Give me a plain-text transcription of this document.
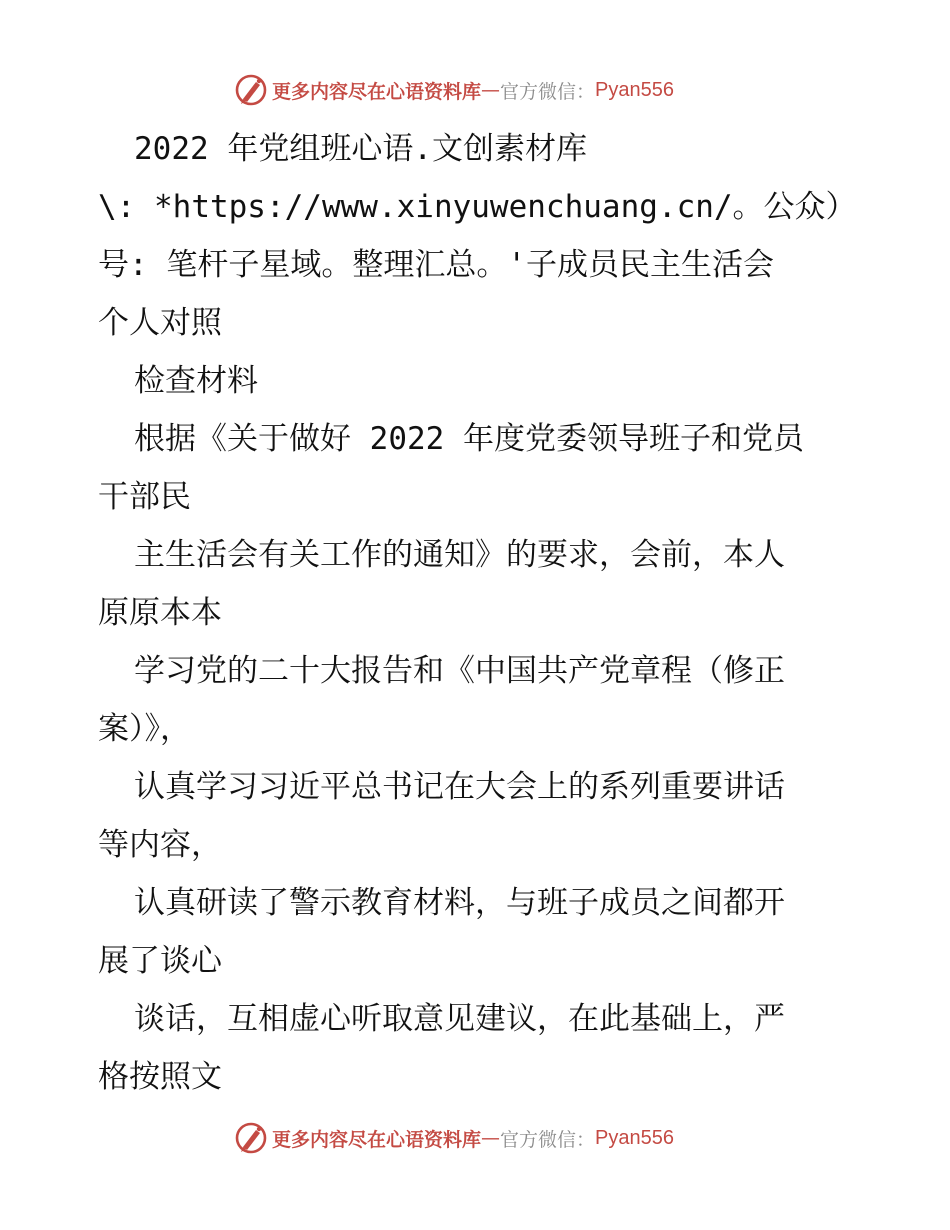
更多内容尽在心语资料库 — 官方微信： Pyan556
2022 年党组班心语.文创素材库
\: *https://www.xinyuwenchuang.cn/。公众）
号: 笔杆子星域。整理汇总。'子成员民主生活会
个人对照
检查材料
根据《关于做好 2022 年度党委领导班子和党员
干部民
主生活会有关工作的通知》的要求，会前，本人
原原本本
学习党的二十大报告和《中国共产党章程（修正
案）》，
认真学习习近平总书记在大会上的系列重要讲话
等内容，
认真研读了警示教育材料，与班子成员之间都开
展了谈心
谈话，互相虚心听取意见建议，在此基础上，严
格按照文
更多内容尽在心语资料库 — 官方微信： Pyan556
